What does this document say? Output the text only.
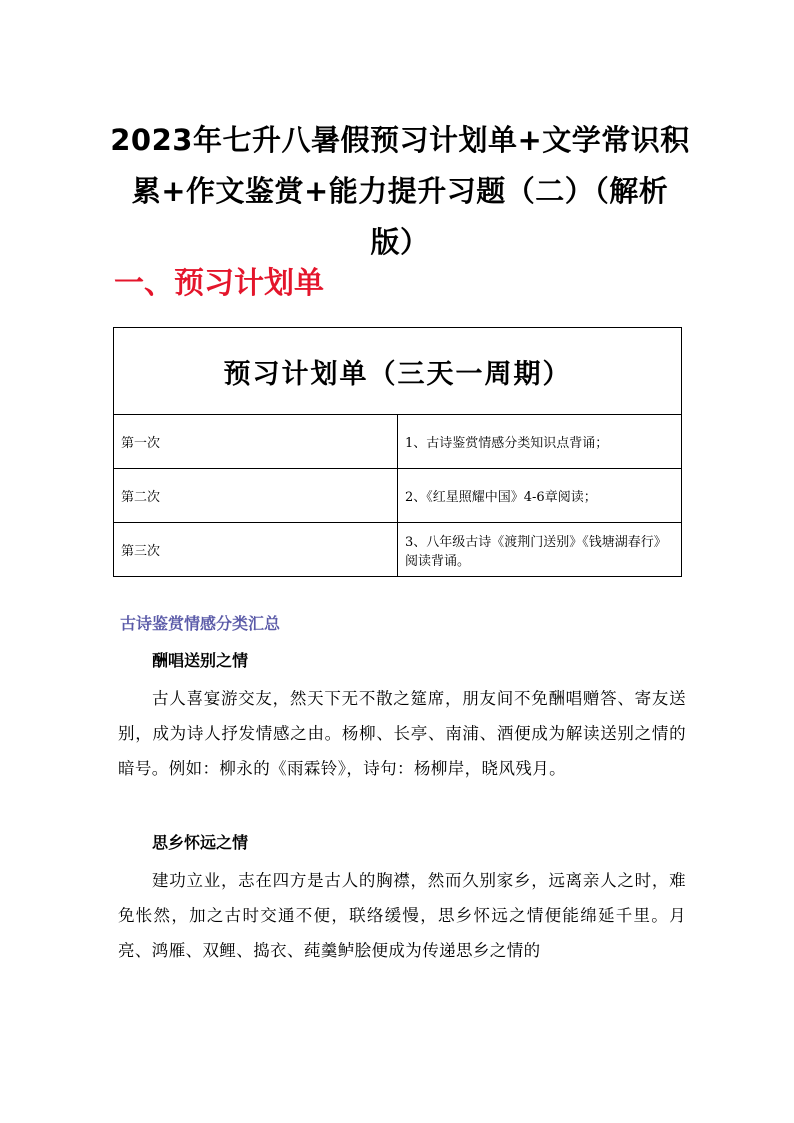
2023年七升八暑假预习计划单+文学常识积累+作文鉴赏+能力提升习题（二）（解析版）
一、预习计划单
预习计划单（三天一周期）	
第一次	1、古诗鉴赏情感分类知识点背诵；
第二次	2、《红星照耀中国》4-6章阅读；
第三次	3、八年级古诗《渡荆门送别》《钱塘湖春行》阅读背诵。
古诗鉴赏情感分类汇总

酬唱送别之情

古人喜宴游交友，然天下无不散之筵席，朋友间不免酬唱赠答、寄友送别，成为诗人抒发情感之由。杨柳、长亭、南浦、酒便成为解读送别之情的暗号。例如：柳永的《雨霖铃》，诗句：杨柳岸，晓风残月。

思乡怀远之情

建功立业，志在四方是古人的胸襟，然而久别家乡，远离亲人之时，难免怅然，加之古时交通不便，联络缓慢，思乡怀远之情便能绵延千里。月亮、鸿雁、双鲤、捣衣、莼羹鲈脍便成为传递思乡之情的
